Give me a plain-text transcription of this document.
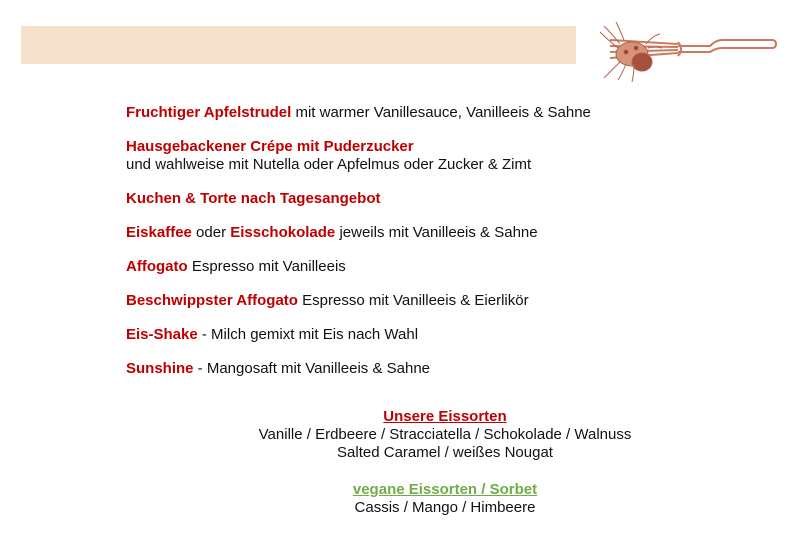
Fruchtiger Apfelstrudel mit warmer Vanillesauce, Vanilleeis & Sahne
Hausgebackener Crépe mit Puderzucker
und wahlweise mit Nutella oder Apfelmus oder Zucker & Zimt
Kuchen & Torte nach Tagesangebot
Eiskaffee oder Eisschokolade jeweils mit Vanilleeis & Sahne
Affogato Espresso mit Vanilleeis
Beschwippster Affogato Espresso mit Vanilleeis & Eierlikör
Eis-Shake - Milch gemixt mit Eis nach Wahl
Sunshine - Mangosaft mit Vanilleeis & Sahne
Unsere Eissorten
Vanille / Erdbeere / Stracciatella / Schokolade / Walnuss
Salted Caramel / weißes Nougat
vegane Eissorten / Sorbet
Cassis / Mango / Himbeere
